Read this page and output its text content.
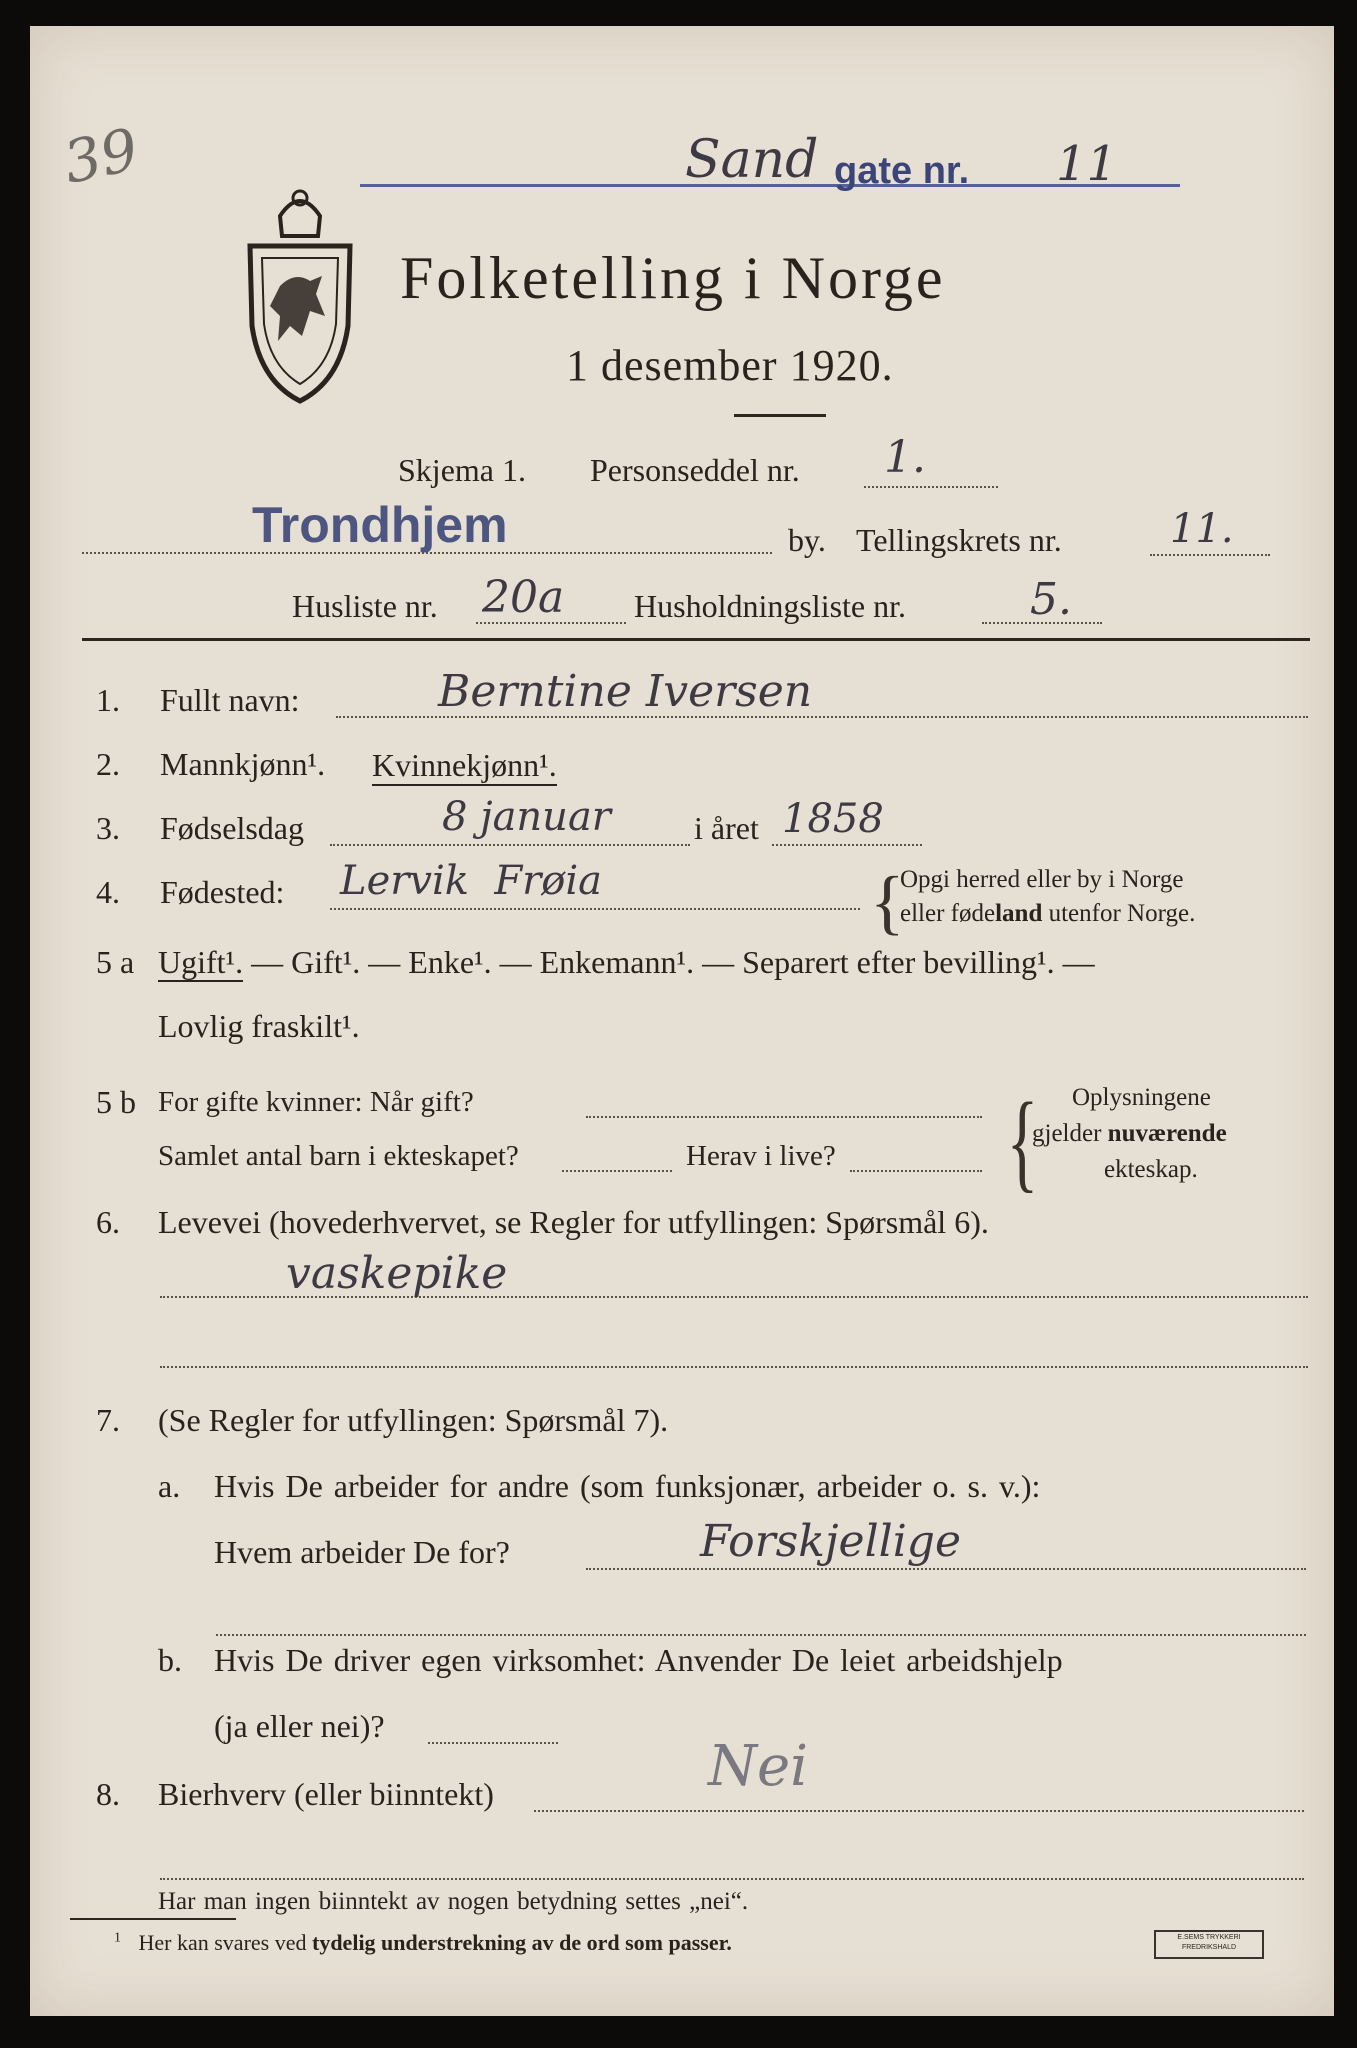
39	Sand gate nr. 11
Folketelling i Norge
1 desember 1920.
Skjema 1. Personseddel nr. 1.
Trondhjem	by. Tellingskrets nr.	11.
Husliste nr. 20a Husholdningsliste nr.	5.
1. Fullt navn:	Berntine Iversen
2. Mannkjønn¹. Kvinnekjønn¹.
3. Fødselsdag	8 januar	i året 1858
4. Fødested: Lervik  Frøia	{
Opgi herred eller by i Norge
eller fødeland utenfor Norge.
5 a Ugift¹. — Gift¹. — Enke¹. — Enkemann¹. — Separert efter bevilling¹. —
Lovlig fraskilt¹.
5 b For gifte kvinner: Når gift?
Samlet antal barn i ekteskapet?	Herav i live? { Oplysningene
gjelder nuværende
ekteskap.
6. Levevei (hovederhvervet, se Regler for utfyllingen: Spørsmål 6).
vaskepike
7. (Se Regler for utfyllingen: Spørsmål 7).
a. Hvis De arbeider for andre (som funksjonær, arbeider o. s. v.):
Hvem arbeider De for?	Forskjellige
b. Hvis De driver egen virksomhet: Anvender De leiet arbeidshjelp
(ja eller nei)?
8. Bierhverv (eller biinntekt)	Nei
Har man ingen biinntekt av nogen betydning settes „nei“.
$^1$ Her kan svares ved tydelig understrekning av de ord som passer.	E.SEMS TRYKKERI
FREDRIKSHALD
